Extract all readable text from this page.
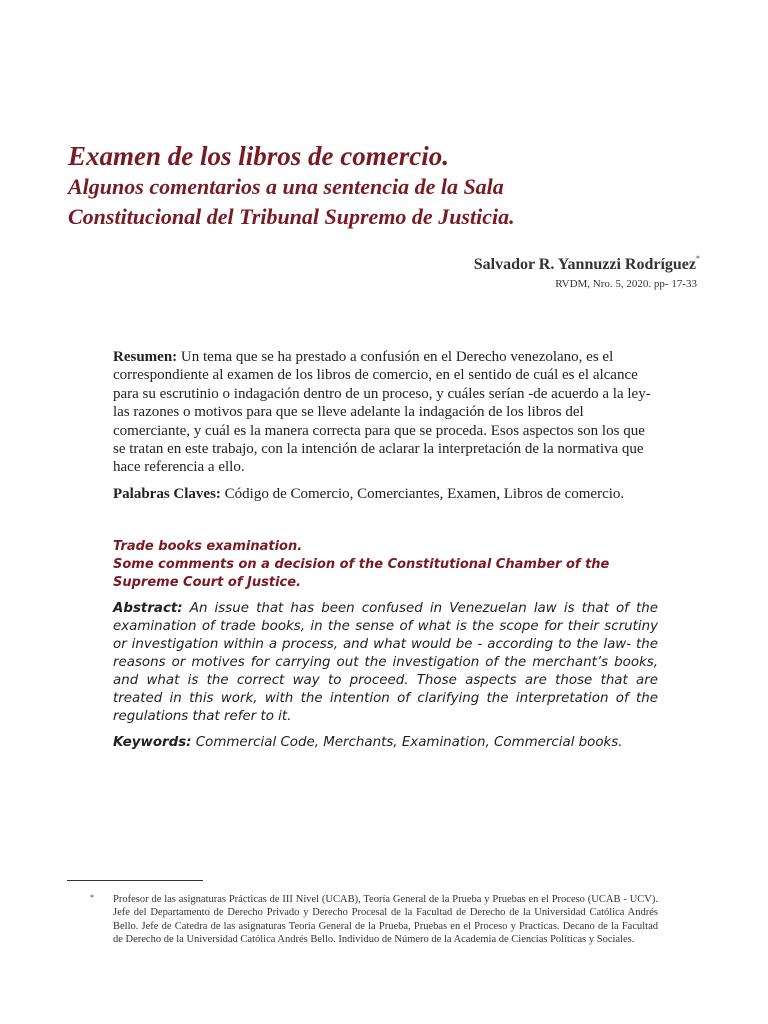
Examen de los libros de comercio.
Algunos comentarios a una sentencia de la Sala
Constitucional del Tribunal Supremo de Justicia.
Salvador R. Yannuzzi Rodríguez*
RVDM, Nro. 5, 2020. pp- 17-33

Resumen: Un tema que se ha prestado a confusión en el Derecho venezolano, es el correspondiente al examen de los libros de comercio, en el sentido de cuál es el alcance para su escrutinio o indagación dentro de un proceso, y cuáles serían -de acuerdo a la ley- las razones o motivos para que se lleve adelante la indagación de los libros del comerciante, y cuál es la manera correcta para que se proceda. Esos aspectos son los que se tratan en este trabajo, con la intención de aclarar la interpretación de la normativa que hace referencia a ello.

Palabras Claves: Código de Comercio, Comerciantes, Examen, Libros de comercio.

Trade books examination.
Some comments on a decision of the Constitutional Chamber of the Supreme Court of Justice.

Abstract: An issue that has been confused in Venezuelan law is that of the examination of trade books, in the sense of what is the scope for their scrutiny or investigation within a process, and what would be - according to the law- the reasons or motives for carrying out the investigation of the merchant’s books, and what is the correct way to proceed. Those aspects are those that are treated in this work, with the intention of clarifying the interpretation of the regulations that refer to it.

Keywords: Commercial Code, Merchants, Examination, Commercial books.

* Profesor de las asignaturas Prácticas de III Nivel (UCAB), Teoría General de la Prueba y Pruebas en el Proceso (UCAB - UCV). Jefe del Departamento de Derecho Privado y Derecho Procesal de la Facultad de Derecho de la Universidad Católica Andrés Bello. Jefe de Catedra de las asignaturas Teoría General de la Prueba, Pruebas en el Proceso y Practicas. Decano de la Facultad de Derecho de la Universidad Católica Andrés Bello. Individuo de Número de la Academia de Ciencias Políticas y Sociales.
